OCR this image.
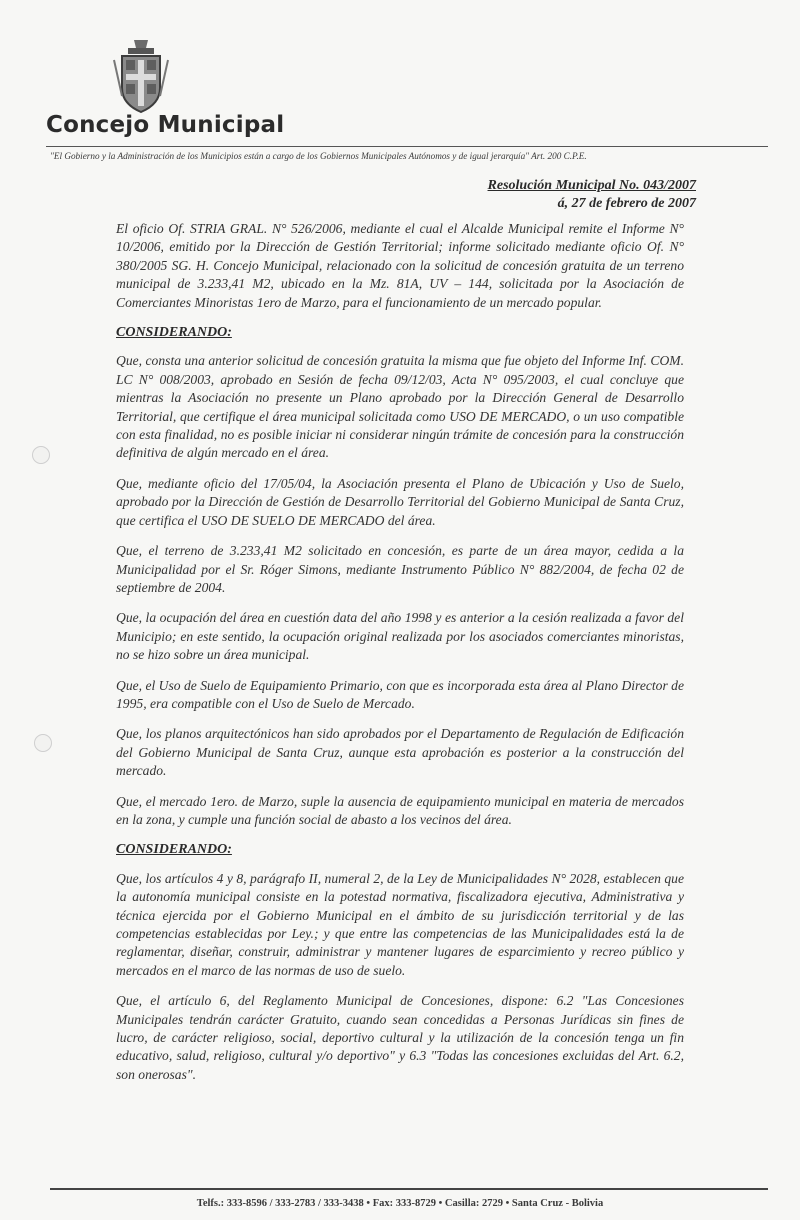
Concejo Municipal
"El Gobierno y la Administración de los Municipios están a cargo de los Gobiernos Municipales Autónomos y de igual jerarquía" Art. 200 C.P.E.
Resolución Municipal No. 043/2007
á, 27 de febrero de 2007

El oficio Of. STRIA GRAL. N° 526/2006, mediante el cual el Alcalde Municipal remite el Informe N° 10/2006, emitido por la Dirección de Gestión Territorial; informe solicitado mediante oficio Of. N° 380/2005 SG. H. Concejo Municipal, relacionado con la solicitud de concesión gratuita de un terreno municipal de 3.233,41 M2, ubicado en la Mz. 81A, UV – 144, solicitada por la Asociación de Comerciantes Minoristas 1ero de Marzo, para el funcionamiento de un mercado popular.

CONSIDERANDO:

Que, consta una anterior solicitud de concesión gratuita la misma que fue objeto del Informe Inf. COM. LC N° 008/2003, aprobado en Sesión de fecha 09/12/03, Acta N° 095/2003, el cual concluye que mientras la Asociación no presente un Plano aprobado por la Dirección General de Desarrollo Territorial, que certifique el área municipal solicitada como USO DE MERCADO, o un uso compatible con esta finalidad, no es posible iniciar ni considerar ningún trámite de concesión para la construcción definitiva de algún mercado en el área.

Que, mediante oficio del 17/05/04, la Asociación presenta el Plano de Ubicación y Uso de Suelo, aprobado por la Dirección de Gestión de Desarrollo Territorial del Gobierno Municipal de Santa Cruz, que certifica el USO DE SUELO DE MERCADO del área.

Que, el terreno de 3.233,41 M2 solicitado en concesión, es parte de un área mayor, cedida a la Municipalidad por el Sr. Róger Simons, mediante Instrumento Público N° 882/2004, de fecha 02 de septiembre de 2004.

Que, la ocupación del área en cuestión data del año 1998 y es anterior a la cesión realizada a favor del Municipio; en este sentido, la ocupación original realizada por los asociados comerciantes minoristas, no se hizo sobre un área municipal.

Que, el Uso de Suelo de Equipamiento Primario, con que es incorporada esta área al Plano Director de 1995, era compatible con el Uso de Suelo de Mercado.

Que, los planos arquitectónicos han sido aprobados por el Departamento de Regulación de Edificación del Gobierno Municipal de Santa Cruz, aunque esta aprobación es posterior a la construcción del mercado.

Que, el mercado 1ero. de Marzo, suple la ausencia de equipamiento municipal en materia de mercados en la zona, y cumple una función social de abasto a los vecinos del área.

CONSIDERANDO:

Que, los artículos 4 y 8, parágrafo II, numeral 2, de la Ley de Municipalidades N° 2028, establecen que la autonomía municipal consiste en la potestad normativa, fiscalizadora ejecutiva, Administrativa y técnica ejercida por el Gobierno Municipal en el ámbito de su jurisdicción territorial y de las competencias establecidas por Ley.; y que entre las competencias de las Municipalidades está la de reglamentar, diseñar, construir, administrar y mantener lugares de esparcimiento y recreo público y mercados en el marco de las normas de uso de suelo.

Que, el artículo 6, del Reglamento Municipal de Concesiones, dispone: 6.2 "Las Concesiones Municipales tendrán carácter Gratuito, cuando sean concedidas a Personas Jurídicas sin fines de lucro, de carácter religioso, social, deportivo cultural y la utilización de la concesión tenga un fin educativo, salud, religioso, cultural y/o deportivo" y 6.3 "Todas las concesiones excluidas del Art. 6.2, son onerosas".

Telfs.: 333-8596 / 333-2783 / 333-3438 • Fax: 333-8729 • Casilla: 2729 • Santa Cruz - Bolivia
